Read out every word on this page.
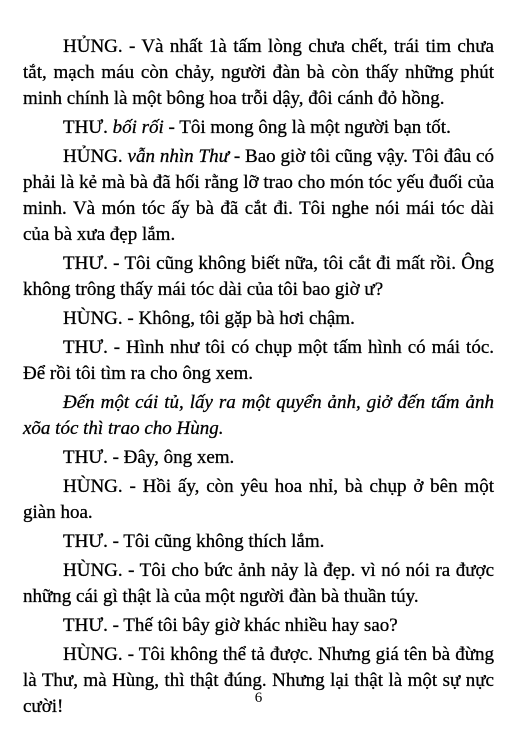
HỦNG. - Và nhất 1à tấm lòng chưa chết, trái tim chưa tắt, mạch máu còn chảy, người đàn bà còn thấy những phút minh chính là một bông hoa trỗi dậy, đôi cánh đỏ hồng.

THƯ. bối rối - Tôi mong ông là một người bạn tốt.

HỦNG. vẫn nhìn Thư - Bao giờ tôi cũng vậy. Tôi đâu có phải là kẻ mà bà đã hối rằng lỡ trao cho món tóc yếu đuối của minh. Và món tóc ấy bà đã cắt đi. Tôi nghe nói mái tóc dài của bà xưa đẹp lắm.

THƯ. - Tôi cũng không biết nữa, tôi cắt đi mất rồi. Ông không trông thấy mái tóc dài của tôi bao giờ ư?

HÙNG. - Không, tôi gặp bà hơi chậm.

THƯ. - Hình như tôi có chụp một tấm hình có mái tóc. Để rồi tôi tìm ra cho ông xem.

Đến một cái tủ, lấy ra một quyển ảnh, giở đến tấm ảnh xõa tóc thì trao cho Hùng.

THƯ. - Đây, ông xem.

HÙNG. - Hồi ấy, còn yêu hoa nhỉ, bà chụp ở bên một giàn hoa.

THƯ. - Tôi cũng không thích lắm.

HÙNG. - Tôi cho bức ảnh nảy là đẹp. vì nó nói ra được những cái gì thật là của một người đàn bà thuần túy.

THƯ. - Thế tôi bây giờ khác nhiều hay sao?

HÙNG. - Tôi không thể tả được. Nhưng giá tên bà đừng là Thư, mà Hùng, thì thật đúng. Nhưng lại thật là một sự nực cười!	6
